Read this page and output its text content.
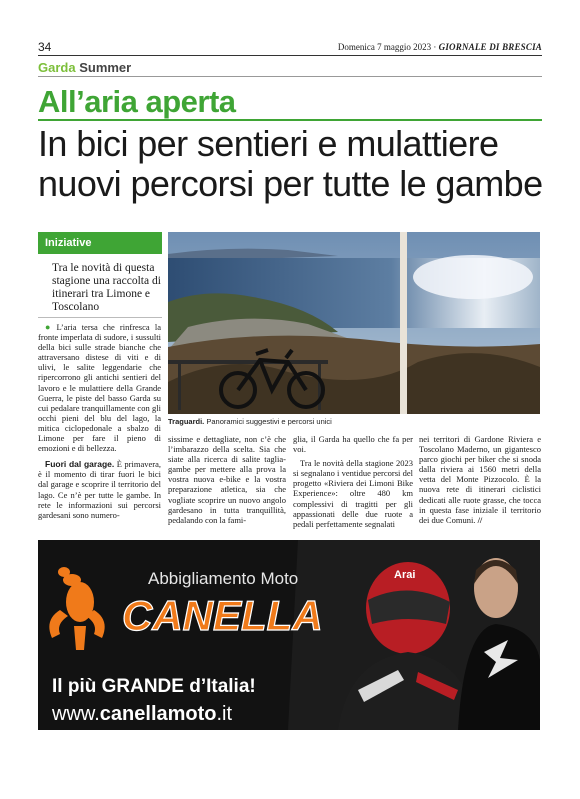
34	Domenica 7 maggio 2023 · GIORNALE DI BRESCIA
Garda Summer
All’aria aperta
In bici per sentieri e mulattiere
nuovi percorsi per tutte le gambe
Iniziative
Tra le novità di questa stagione una raccolta di itinerari tra Limone e Toscolano

● L’aria tersa che rinfresca la fronte imperlata di sudore, i sussulti della bici sulle strade bianche che attraversano distese di viti e di ulivi, le salite leggendarie che ripercorrono gli antichi sentieri del lavoro e le mulattiere della Grande Guerra, le piste del basso Garda su cui pedalare tranquillamente con gli occhi pieni del blu del lago, la mitica ciclopedonale a sbalzo di Limone per fare il pieno di emozioni e di bellezza.

Fuori dal garage. È primavera, è il momento di tirar fuori le bici dal garage e scoprire il territorio del lago. Ce n’è per tutte le gambe. In rete le informazioni sui percorsi gardesani sono numero-

Traguardi. Panoramici suggestivi e percorsi unici

sissime e dettagliate, non c’è che l’imbarazzo della scelta. Sia che siate alla ricerca di salite taglia-gambe per mettere alla prova la vostra nuova e-bike e la vostra preparazione atletica, sia che vogliate scoprire un nuovo angolo gardesano in tutta tranquillità, pedalando con la fami-

glia, il Garda ha quello che fa per voi.

Tra le novità della stagione 2023 si segnalano i ventidue percorsi del progetto «Riviera dei Limoni Bike Experience»: oltre 480 km complessivi di tragitti per gli appassionati delle due ruote a pedali perfettamente segnalati

nei territori di Gardone Riviera e Toscolano Maderno, un gigantesco parco giochi per biker che si snoda dalla riviera ai 1560 metri della vetta del Monte Pizzocolo. È la nuova rete di itinerari ciclistici dedicati alle ruote grasse, che tocca in questa fase iniziale il territorio dei due Comuni. //

Abbigliamento Moto
CANELLA
Il più GRANDE d’Italia!
www.canellamoto.it
Arai
